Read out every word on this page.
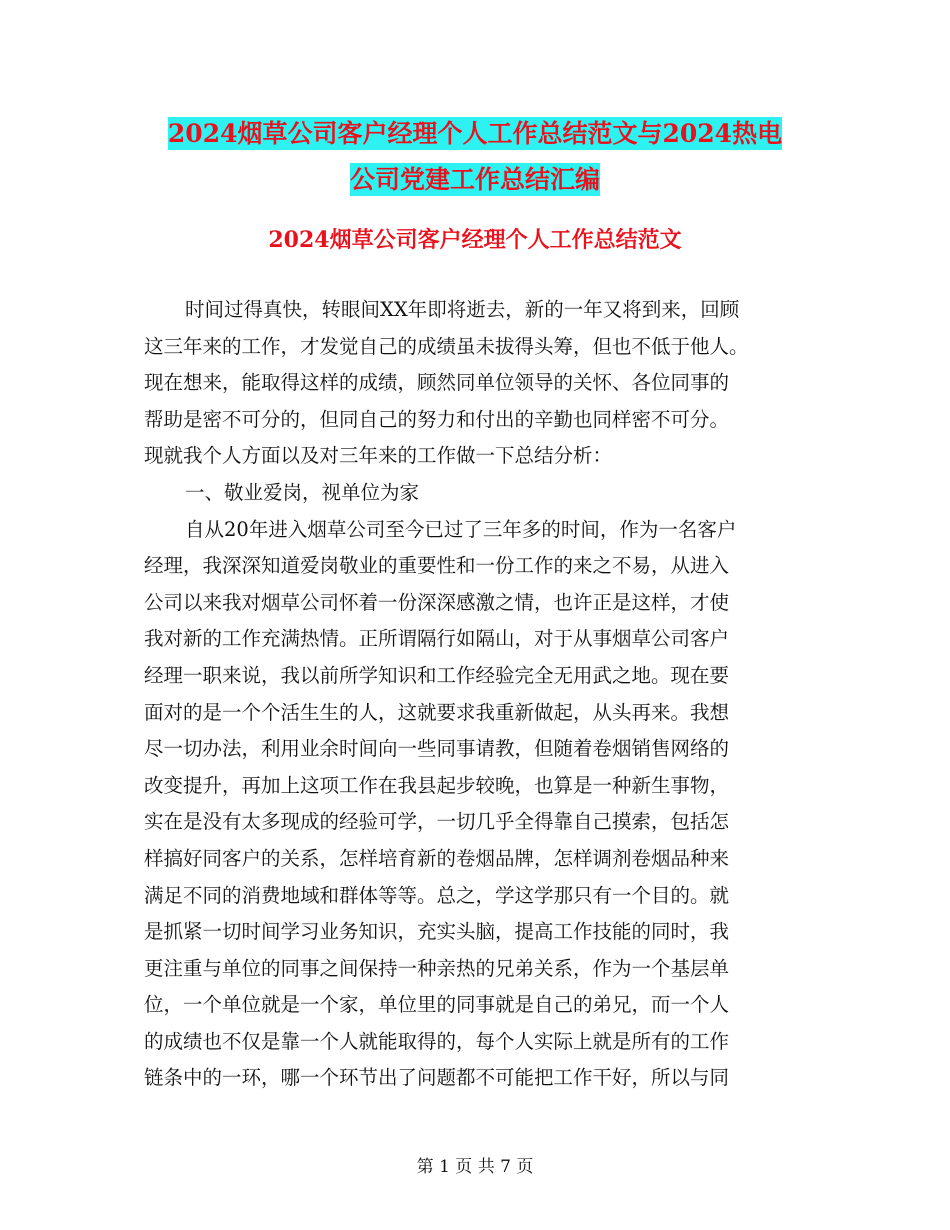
2024烟草公司客户经理个人工作总结范文与2024热电
公司党建工作总结汇编
2024烟草公司客户经理个人工作总结范文
时间过得真快，转眼间XX年即将逝去，新的一年又将到来，回顾
这三年来的工作，才发觉自己的成绩虽未拔得头筹，但也不低于他人。
现在想来，能取得这样的成绩，顾然同单位领导的关怀、各位同事的
帮助是密不可分的，但同自己的努力和付出的辛勤也同样密不可分。
现就我个人方面以及对三年来的工作做一下总结分析：
一、敬业爱岗，视单位为家
自从20年进入烟草公司至今已过了三年多的时间，作为一名客户
经理，我深深知道爱岗敬业的重要性和一份工作的来之不易，从进入
公司以来我对烟草公司怀着一份深深感激之情，也许正是这样，才使
我对新的工作充满热情。正所谓隔行如隔山，对于从事烟草公司客户
经理一职来说，我以前所学知识和工作经验完全无用武之地。现在要
面对的是一个个活生生的人，这就要求我重新做起，从头再来。我想
尽一切办法，利用业余时间向一些同事请教，但随着卷烟销售网络的
改变提升，再加上这项工作在我县起步较晚，也算是一种新生事物，
实在是没有太多现成的经验可学，一切几乎全得靠自己摸索，包括怎
样搞好同客户的关系，怎样培育新的卷烟品牌，怎样调剂卷烟品种来
满足不同的消费地域和群体等等。总之，学这学那只有一个目的。就
是抓紧一切时间学习业务知识，充实头脑，提高工作技能的同时，我
更注重与单位的同事之间保持一种亲热的兄弟关系，作为一个基层单
位，一个单位就是一个家，单位里的同事就是自己的弟兄，而一个人
的成绩也不仅是靠一个人就能取得的，每个人实际上就是所有的工作
链条中的一环，哪一个环节出了问题都不可能把工作干好，所以与同
第 1 页 共 7 页
